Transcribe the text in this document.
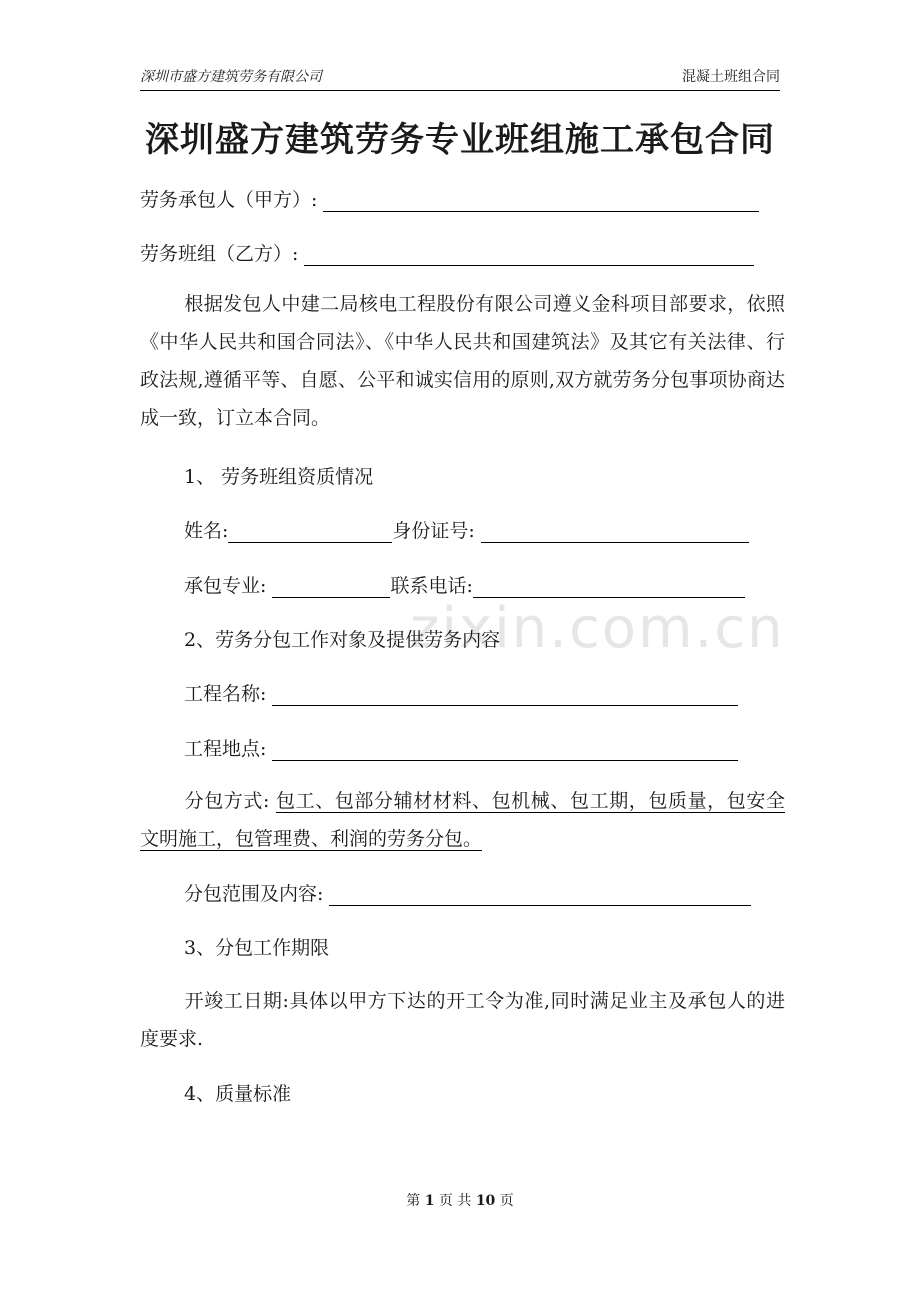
深圳市盛方建筑劳务有限公司	混凝土班组合同
深圳盛方建筑劳务专业班组施工承包合同
劳务承包人（甲方）:
劳务班组（乙方）:
根据发包人中建二局核电工程股份有限公司遵义金科项目部要求，依照《中华人民共和国合同法》、《中华人民共和国建筑法》及其它有关法律、行政法规,遵循平等、自愿、公平和诚实信用的原则,双方就劳务分包事项协商达成一致，订立本合同。
1、 劳务班组资质情况
姓名:	身份证号:
承包专业:	联系电话:
zixin.com.cn
2、劳务分包工作对象及提供劳务内容
工程名称:
工程地点:
分包方式: 包工、包部分辅材材料、包机械、包工期，包质量，包安全文明施工，包管理费、利润的劳务分包。
分包范围及内容:
3、分包工作期限
开竣工日期:具体以甲方下达的开工令为准,同时满足业主及承包人的进度要求.
4、质量标准
第 1 页 共 10 页
